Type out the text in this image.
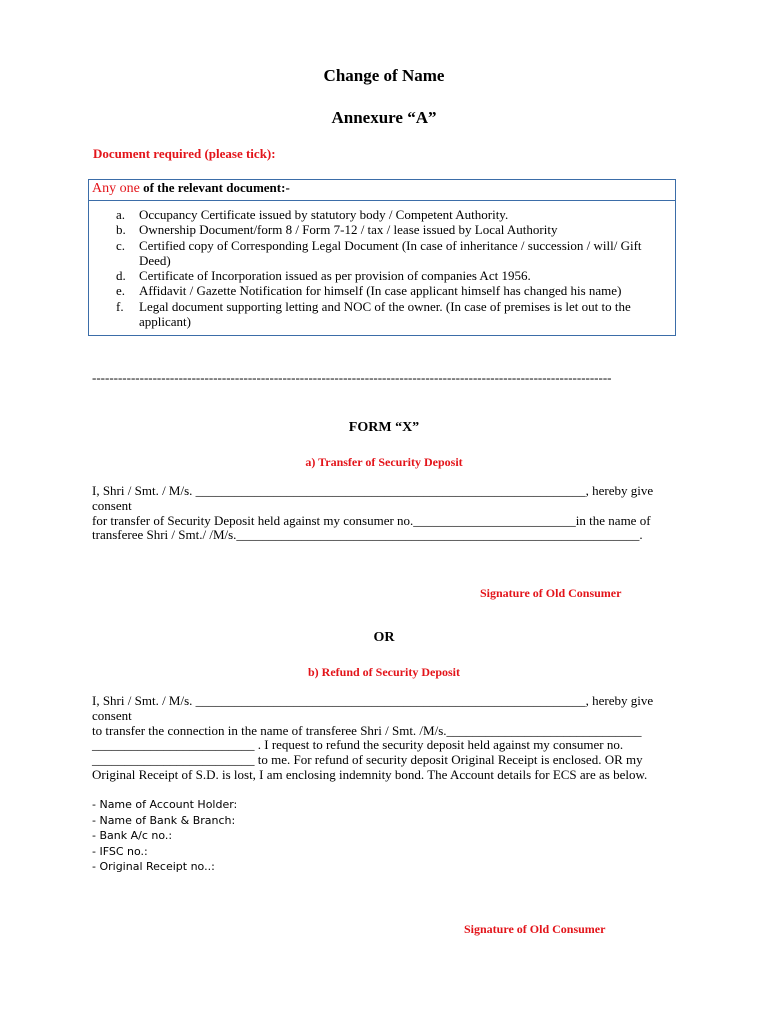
Change of Name
Annexure “A”
Document required (please tick):
Any one of the relevant document:-
a. Occupancy Certificate issued by statutory body / Competent Authority.
b. Ownership Document/form 8 / Form 7-12 / tax / lease issued by Local Authority
c. Certified copy of Corresponding Legal Document (In case of inheritance / succession / will/ Gift Deed)
d. Certificate of Incorporation issued as per provision of companies Act 1956.
e. Affidavit / Gazette Notification for himself (In case applicant himself has changed his name)
f. Legal document supporting letting and NOC of the owner. (In case of premises is let out to the applicant)
------------------------------------------------------------------------------------------------------------------------
FORM “X”
a) Transfer of Security Deposit
I, Shri / Smt. / M/s. ____________________________________________________________, hereby give
consent
for transfer of Security Deposit held against my consumer no._________________________in the name of
transferee Shri / Smt./ /M/s.______________________________________________________________.
Signature of Old Consumer
OR
b) Refund of Security Deposit
I, Shri / Smt. / M/s. ____________________________________________________________, hereby give
consent
to transfer the connection in the name of transferee Shri / Smt. /M/s.______________________________
_________________________ . I request to refund the security deposit held against my consumer no.
_________________________ to me. For refund of security deposit Original Receipt is enclosed. OR my
Original Receipt of S.D. is lost, I am enclosing indemnity bond. The Account details for ECS are as below.
- Name of Account Holder:
- Name of Bank & Branch:
- Bank A/c no.:
- IFSC no.:
- Original Receipt no..:
Signature of Old Consumer
